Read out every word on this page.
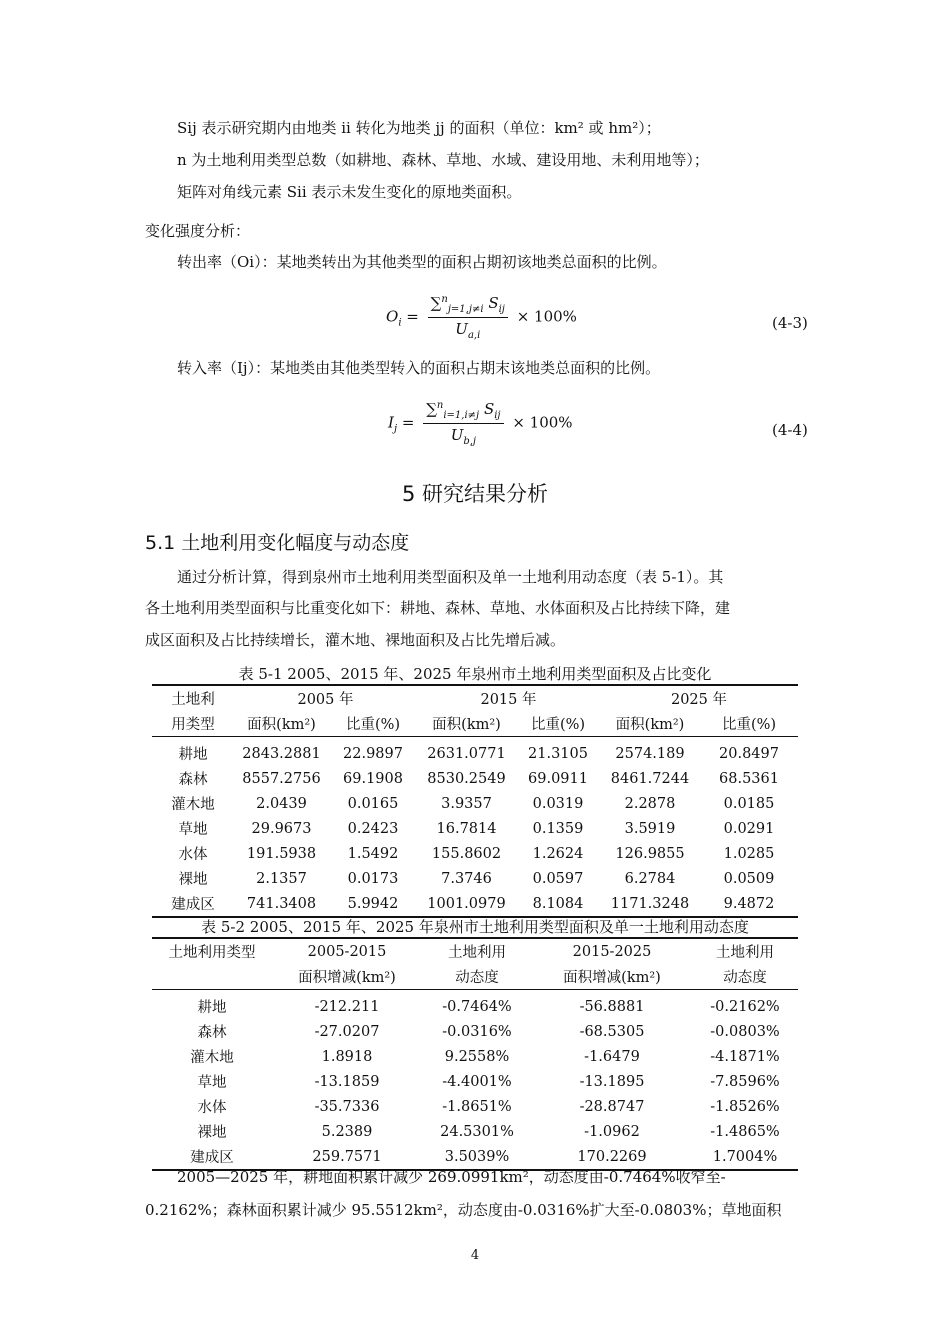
Sij 表示研究期内由地类 ii 转化为地类 jj 的面积（单位：km² 或 hm²）；
n 为土地利用类型总数（如耕地、森林、草地、水域、建设用地、未利用地等）；
矩阵对角线元素 Sii 表示未发生变化的原地类面积。
变化强度分析：
转出率（Oi）：某地类转出为其他类型的面积占期初该地类总面积的比例。
$O_i = \frac{\sum^n_{j=1,j\ne i} S_{ij}}{U_{a,i}} \times 100\%$	(4-3)
转入率（Ij）：某地类由其他类型转入的面积占期末该地类总面积的比例。
$I_j = \frac{\sum^n_{i=1,i\ne j} S_{ij}}{U_{b,j}} \times 100\%$	(4-4)
5 研究结果分析
5.1 土地利用变化幅度与动态度
通过分析计算，得到泉州市土地利用类型面积及单一土地利用动态度（表 5-1）。其
各土地利用类型面积与比重变化如下：耕地、森林、草地、水体面积及占比持续下降，建
成区面积及占比持续增长，灌木地、裸地面积及占比先增后减。
表 5-1 2005、2015 年、2025 年泉州市土地利用类型面积及占比变化
土地利	2005 年		2015 年		2025 年	
用类型	面积(km²)	比重(%)	面积(km²)	比重(%)	面积(km²)	比重(%)
耕地	2843.2881	22.9897	2631.0771	21.3105	2574.189	20.8497
森林	8557.2756	69.1908	8530.2549	69.0911	8461.7244	68.5361
灌木地	2.0439	0.0165	3.9357	0.0319	2.2878	0.0185
草地	29.9673	0.2423	16.7814	0.1359	3.5919	0.0291
水体	191.5938	1.5492	155.8602	1.2624	126.9855	1.0285
裸地	2.1357	0.0173	7.3746	0.0597	6.2784	0.0509
建成区	741.3408	5.9942	1001.0979	8.1084	1171.3248	9.4872
表 5-2 2005、2015 年、2025 年泉州市土地利用类型面积及单一土地利用动态度
土地利用类型	2005-2015	土地利用	2015-2025	土地利用
	面积增减(km²)	动态度	面积增减(km²)	动态度
耕地	-212.211	-0.7464%	-56.8881	-0.2162%
森林	-27.0207	-0.0316%	-68.5305	-0.0803%
灌木地	1.8918	9.2558%	-1.6479	-4.1871%
草地	-13.1859	-4.4001%	-13.1895	-7.8596%
水体	-35.7336	-1.8651%	-28.8747	-1.8526%
裸地	5.2389	24.5301%	-1.0962	-1.4865%
建成区	259.7571	3.5039%	170.2269	1.7004%
2005—2025 年，耕地面积累计减少 269.0991km²，动态度由-0.7464%收窄至-
0.2162%；森林面积累计减少 95.5512km²，动态度由-0.0316%扩大至-0.0803%；草地面积
4
